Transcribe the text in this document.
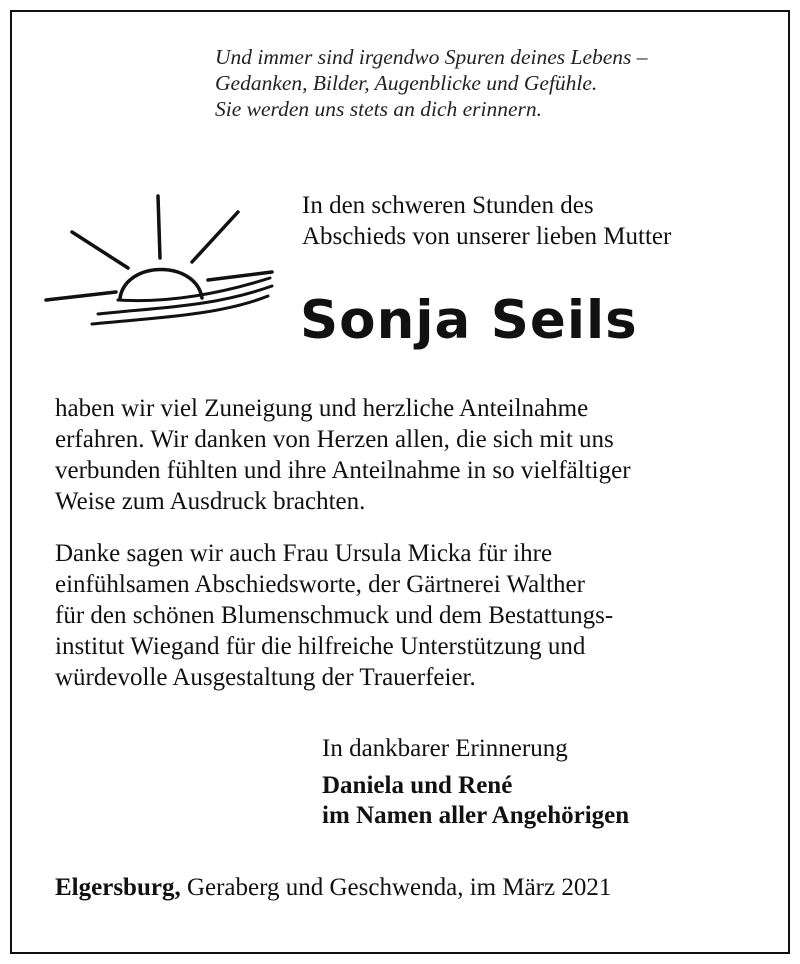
Und immer sind irgendwo Spuren deines Lebens –
Gedanken, Bilder, Augenblicke und Gefühle.
Sie werden uns stets an dich erinnern.
In den schweren Stunden des
Abschieds von unserer lieben Mutter
Sonja Seils
haben wir viel Zuneigung und herzliche Anteilnahme
erfahren. Wir danken von Herzen allen, die sich mit uns
verbunden fühlten und ihre Anteilnahme in so vielfältiger
Weise zum Ausdruck brachten.
Danke sagen wir auch Frau Ursula Micka für ihre
einfühlsamen Abschiedsworte, der Gärtnerei Walther
für den schönen Blumenschmuck und dem Bestattungs-
institut Wiegand für die hilfreiche Unterstützung und
würdevolle Ausgestaltung der Trauerfeier.
In dankbarer Erinnerung
Daniela und René
im Namen aller Angehörigen
Elgersburg, Geraberg und Geschwenda, im März 2021
